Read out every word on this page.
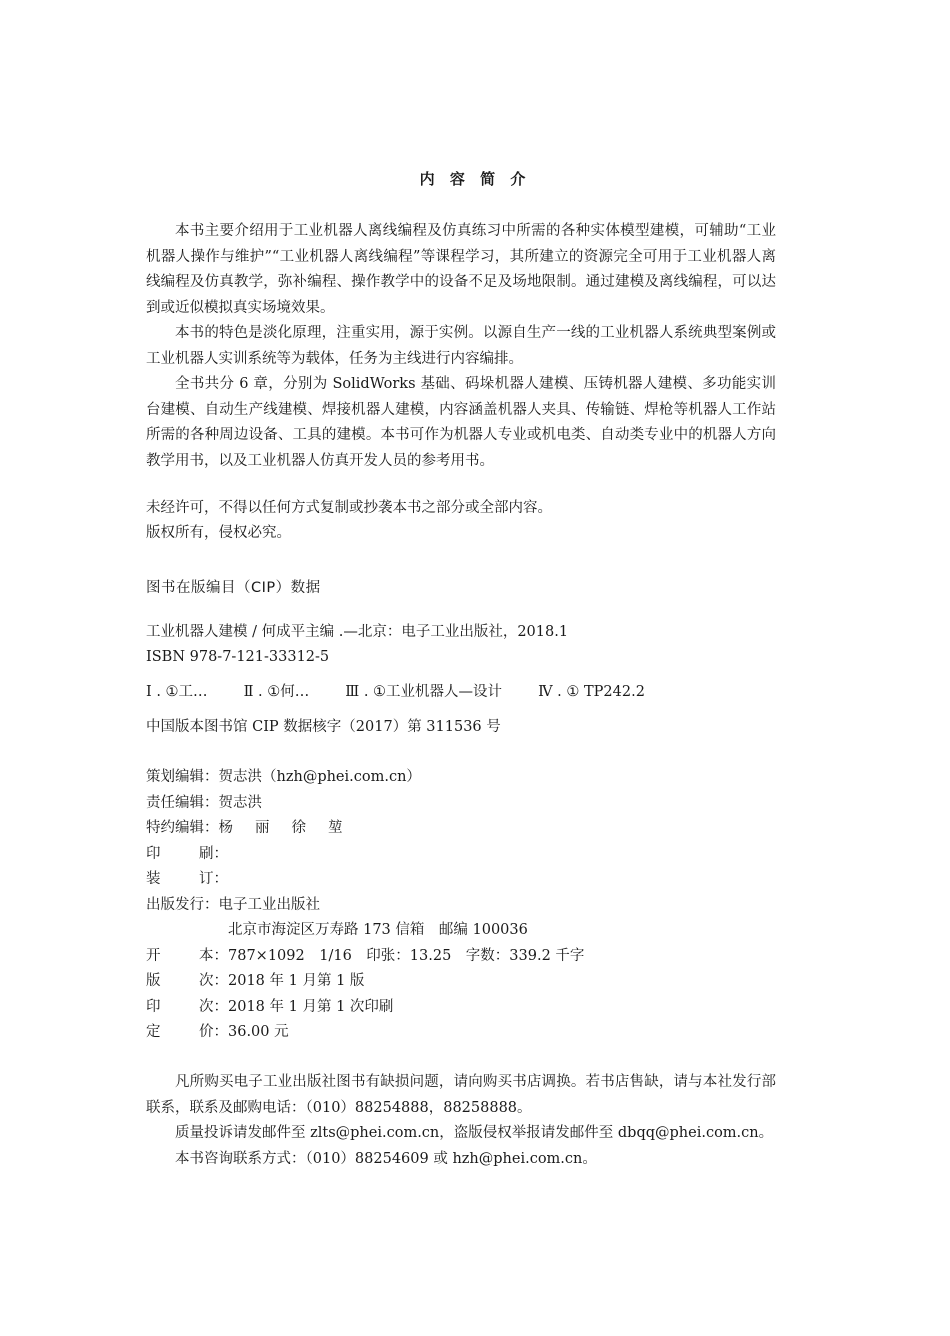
内 容 简 介

本书主要介绍用于工业机器人离线编程及仿真练习中所需的各种实体模型建模，可辅助“工业机器人操作与维护”“工业机器人离线编程”等课程学习，其所建立的资源完全可用于工业机器人离线编程及仿真教学，弥补编程、操作教学中的设备不足及场地限制。通过建模及离线编程，可以达到或近似模拟真实场境效果。

本书的特色是淡化原理，注重实用，源于实例。以源自生产一线的工业机器人系统典型案例或工业机器人实训系统等为载体，任务为主线进行内容编排。

全书共分 6 章，分别为 SolidWorks 基础、码垛机器人建模、压铸机器人建模、多功能实训台建模、自动生产线建模、焊接机器人建模，内容涵盖机器人夹具、传输链、焊枪等机器人工作站所需的各种周边设备、工具的建模。本书可作为机器人专业或机电类、自动类专业中的机器人方向教学用书，以及工业机器人仿真开发人员的参考用书。

未经许可，不得以任何方式复制或抄袭本书之部分或全部内容。

版权所有，侵权必究。

图书在版编目（CIP）数据

工业机器人建模 / 何成平主编 .—北京：电子工业出版社，2018.1

ISBN 978-7-121-33312-5

Ⅰ . ①工… Ⅱ . ①何… Ⅲ . ①工业机器人—设计 Ⅳ . ① TP242.2

中国版本图书馆 CIP 数据核字（2017）第 311536 号

策划编辑： 贺志洪（hzh@phei.com.cn）
责任编辑： 贺志洪
特约编辑： 杨 丽 徐 堃
印	刷：
装	订：
出版发行： 电子工业出版社
北京市海淀区万寿路 173 信箱　邮编 100036
开	本： 787×1092　1/16　印张：13.25　字数：339.2 千字
版	次： 2018 年 1 月第 1 版
印	次： 2018 年 1 月第 1 次印刷
定	价： 36.00 元

凡所购买电子工业出版社图书有缺损问题，请向购买书店调换。若书店售缺，请与本社发行部联系，联系及邮购电话：（010）88254888，88258888。

质量投诉请发邮件至 zlts@phei.com.cn，盗版侵权举报请发邮件至 dbqq@phei.com.cn。

本书咨询联系方式：（010）88254609 或 hzh@phei.com.cn。
